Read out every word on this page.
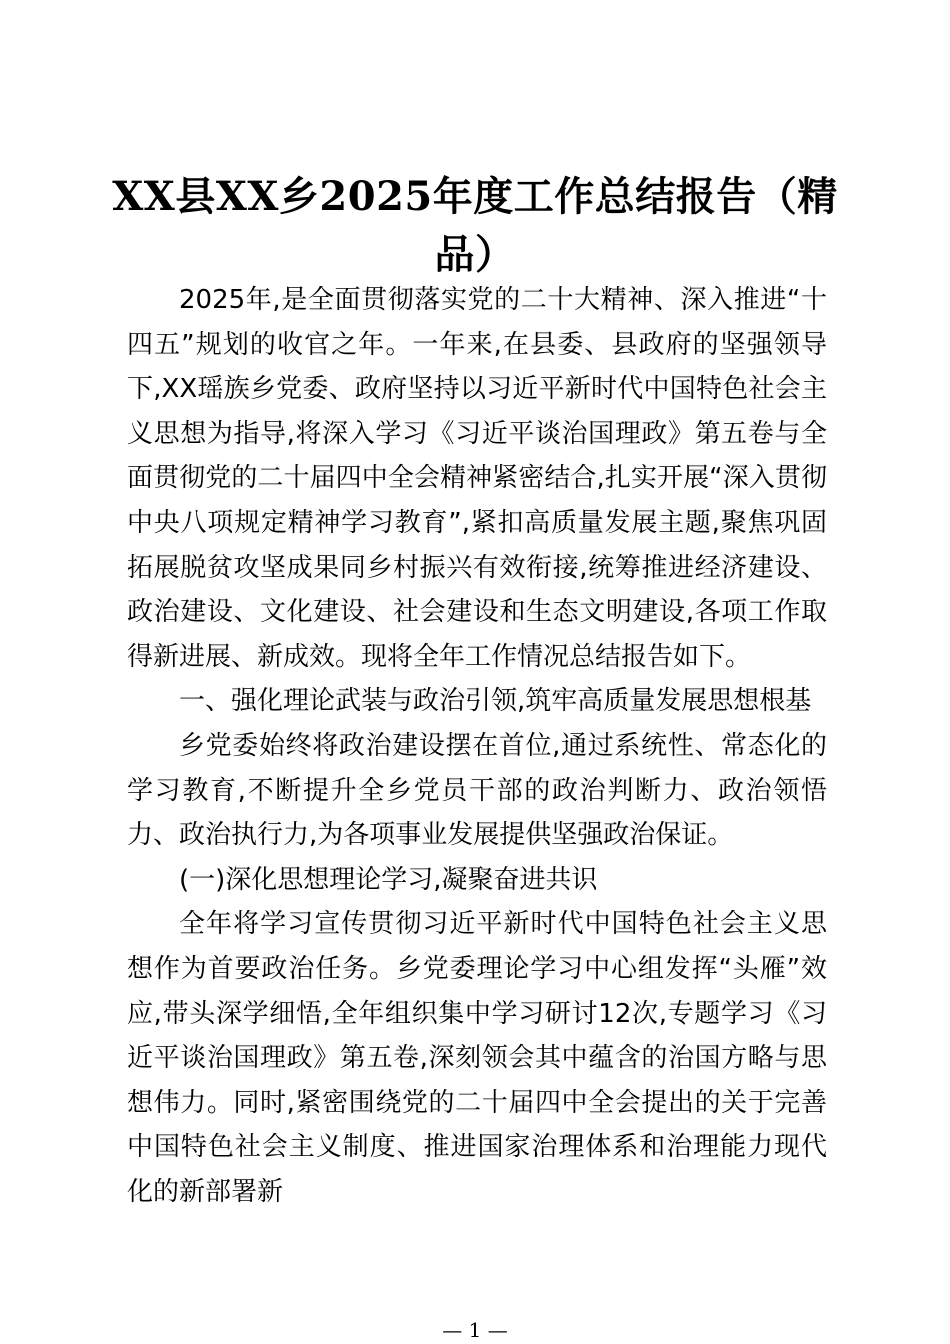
XX县XX乡2025年度工作总结报告（精品）

2025年,是全面贯彻落实党的二十大精神、深入推进“十四五”规划的收官之年。一年来,在县委、县政府的坚强领导下,XX瑶族乡党委、政府坚持以习近平新时代中国特色社会主义思想为指导,将深入学习《习近平谈治国理政》第五卷与全面贯彻党的二十届四中全会精神紧密结合,扎实开展“深入贯彻中央八项规定精神学习教育”,紧扣高质量发展主题,聚焦巩固拓展脱贫攻坚成果同乡村振兴有效衔接,统筹推进经济建设、政治建设、文化建设、社会建设和生态文明建设,各项工作取得新进展、新成效。现将全年工作情况总结报告如下。

一、强化理论武装与政治引领,筑牢高质量发展思想根基

乡党委始终将政治建设摆在首位,通过系统性、常态化的学习教育,不断提升全乡党员干部的政治判断力、政治领悟力、政治执行力,为各项事业发展提供坚强政治保证。

(一)深化思想理论学习,凝聚奋进共识

全年将学习宣传贯彻习近平新时代中国特色社会主义思想作为首要政治任务。乡党委理论学习中心组发挥“头雁”效应,带头深学细悟,全年组织集中学习研讨12次,专题学习《习近平谈治国理政》第五卷,深刻领会其中蕴含的治国方略与思想伟力。同时,紧密围绕党的二十届四中全会提出的关于完善中国特色社会主义制度、推进国家治理体系和治理能力现代化的新部署新

— 1 —
